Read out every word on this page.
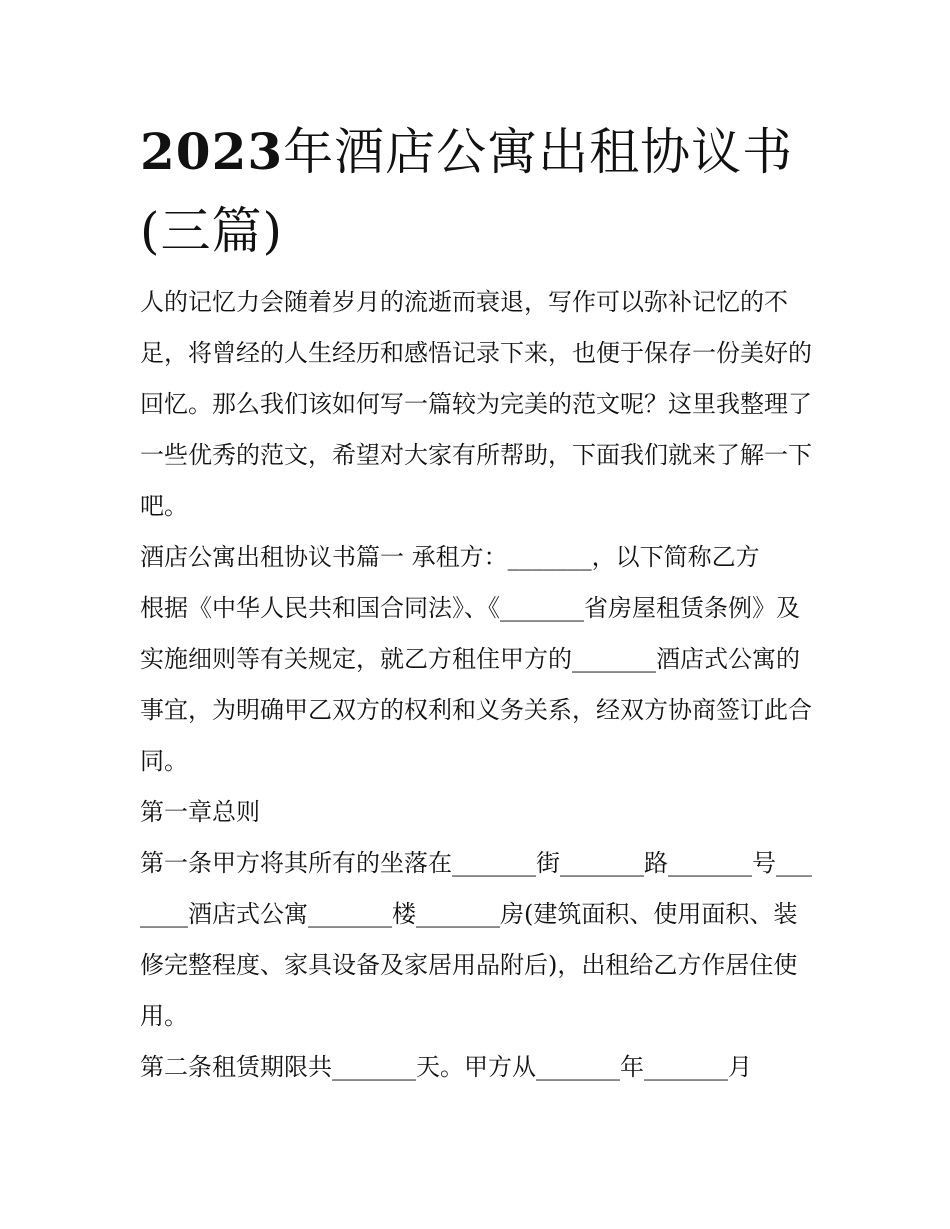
2023年酒店公寓出租协议书(三篇)

人的记忆力会随着岁月的流逝而衰退，写作可以弥补记忆的不足，将曾经的人生经历和感悟记录下来，也便于保存一份美好的回忆。那么我们该如何写一篇较为完美的范文呢？这里我整理了一些优秀的范文，希望对大家有所帮助，下面我们就来了解一下吧。

酒店公寓出租协议书篇一 承租方：_______，以下简称乙方

根据《中华人民共和国合同法》、《_______省房屋租赁条例》及实施细则等有关规定，就乙方租住甲方的_______酒店式公寓的事宜，为明确甲乙双方的权利和义务关系，经双方协商签订此合同。

第一章总则

第一条甲方将其所有的坐落在_______街_______路_______号_______酒店式公寓_______楼_______房(建筑面积、使用面积、装修完整程度、家具设备及家居用品附后)，出租给乙方作居住使用。

第二条租赁期限共_______天。甲方从_______年_______月
